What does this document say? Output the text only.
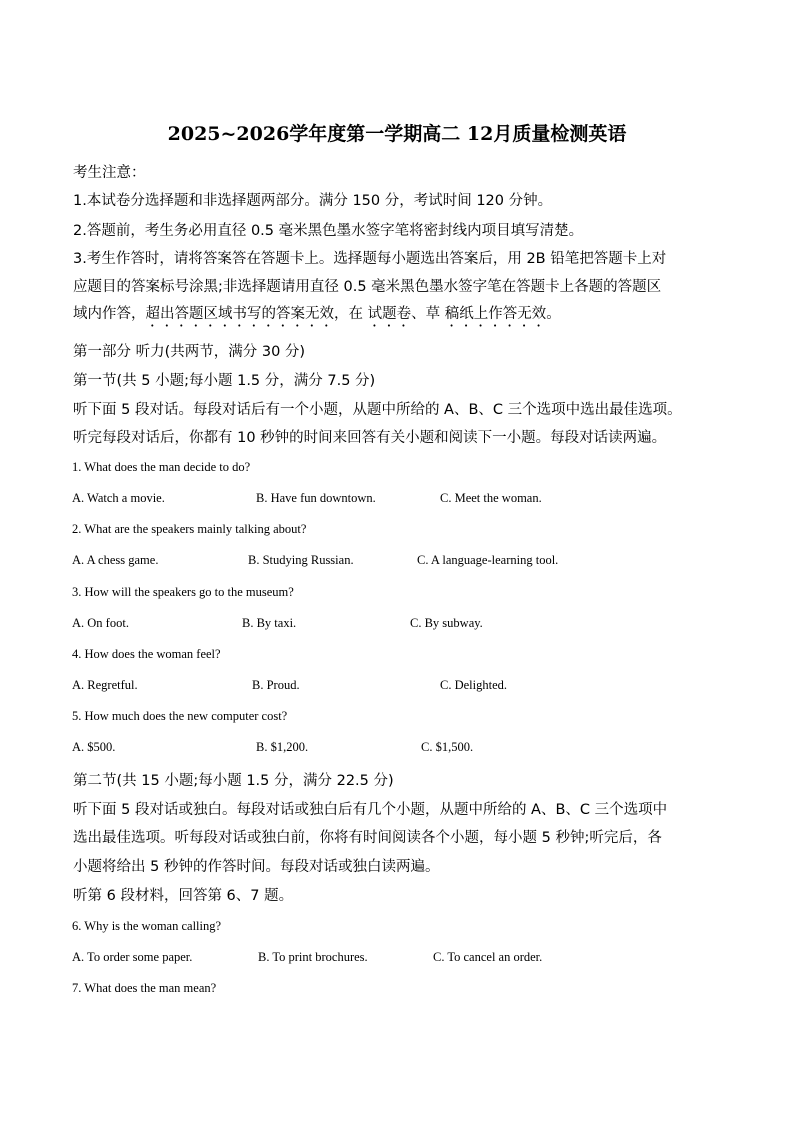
2025~2026学年度第一学期高二 12月质量检测英语
考生注意：
1.本试卷分选择题和非选择题两部分。满分 150 分，考试时间 120 分钟。
2.答题前，考生务必用直径 0.5 毫米黑色墨水签字笔将密封线内项目填写清楚。
3.考生作答时，请将答案答在答题卡上。选择题每小题选出答案后，用 2B 铅笔把答题卡上对
应题目的答案标号涂黑;非选择题请用直径 0.5 毫米黑色墨水签字笔在答题卡上各题的答题区
域内作答，超出答题区域书写的答案无效，在 试题卷、草 稿纸上作答无效。
第一部分 听力(共两节，满分 30 分)
第一节(共 5 小题;每小题 1.5 分，满分 7.5 分)
听下面 5 段对话。每段对话后有一个小题，从题中所给的 A、B、C 三个选项中选出最佳选项。
听完每段对话后，你都有 10 秒钟的时间来回答有关小题和阅读下一小题。每段对话读两遍。
1. What does the man decide to do?
A. Watch a movie.	B. Have fun downtown.	C. Meet the woman.
2. What are the speakers mainly talking about?
A. A chess game.	B. Studying Russian.	C. A language-learning tool.
3. How will the speakers go to the museum?
A. On foot.	B. By taxi.	C. By subway.
4. How does the woman feel?
A. Regretful.	B. Proud.	C. Delighted.
5. How much does the new computer cost?
A. $500.	B. $1,200.	C. $1,500.
第二节(共 15 小题;每小题 1.5 分，满分 22.5 分)
听下面 5 段对话或独白。每段对话或独白后有几个小题，从题中所给的 A、B、C 三个选项中
选出最佳选项。听每段对话或独白前，你将有时间阅读各个小题，每小题 5 秒钟;听完后，各
小题将给出 5 秒钟的作答时间。每段对话或独白读两遍。
听第 6 段材料，回答第 6、7 题。
6. Why is the woman calling?
A. To order some paper.	B. To print brochures.	C. To cancel an order.
7. What does the man mean?
